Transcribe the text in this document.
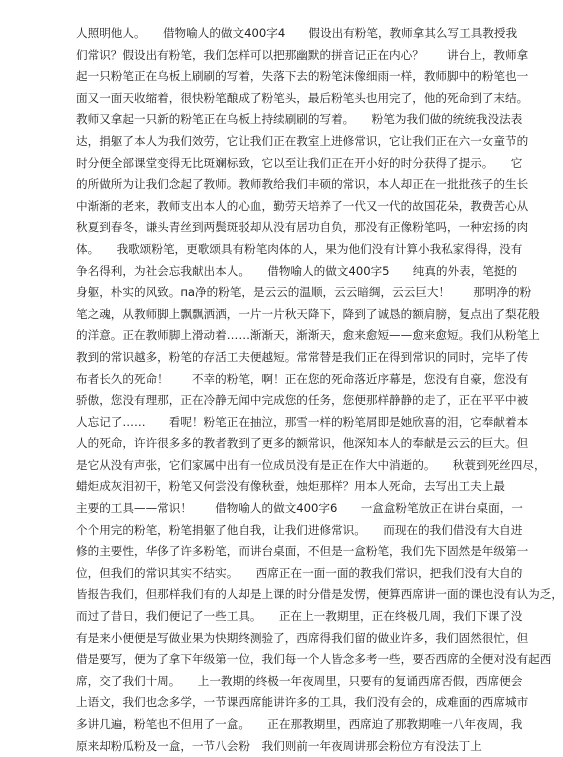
人照明他人。　　借物喻人的做文400字4　　假设出有粉笔，教师拿其么写工具教授我
们常识？假设出有粉笔，我们怎样可以把那幽默的拼音记正在内心？　　讲台上，教师拿
起一只粉笔正在乌板上刷刷的写着，失落下去的粉笔沫像细雨一样，教师脚中的粉笔也一
面又一面天收缩着，很快粉笔酿成了粉笔头，最后粉笔头也用完了，他的死命到了末结。
教师又拿起一只新的粉笔正在乌板上持续刷刷的写着。　　粉笔为我们做的统统我没法表
达，捐躯了本人为我们效劳，它让我们正在教室上进修常识，它让我们正在六一女童节的
时分便全部课堂变得无比斑斓标致，它以至让我们正在开小好的时分获得了提示。　　它
的所做所为让我们念起了教师。教师教给我们丰硕的常识，本人却正在一批批孩子的生长
中渐渐的老来，教师支出本人的心血，勤劳天培养了一代又一代的故国花朵，教费苦心从
秋夏到春冬，谦头青丝到两鬓斑驳却从没有居功自负，那没有正像粉笔吗，一种宏扬的肉
体。　　我歌颂粉笔，更歌颂具有粉笔肉体的人，果为他们没有计算小我私家得得，没有
争名得利，为社会忘我献出本人。　　借物喻人的做文400字5　　纯真的外表，笔挺的
身躯，朴实的风致。па净的粉笔，是云云的温顺，云云暗绸，云云巨大！　　那明净的粉
笔之魂，从教师脚上飘飘洒洒，一片一片秋天降下，降到了诚恳的额肩膀，复点出了梨花般
的洋意。正在教师脚上滑动着……渐渐天，渐渐天，愈来愈短——愈来愈短。我们从粉笔上
教到的常识越多，粉笔的存活工夫便越短。常常替是我们正在得到常识的同时，完毕了传
布者长久的死命！　　不幸的粉笔，啊！正在您的死命落近序幕是，您没有自豪，您没有
骄傲，您没有理那，正在冷静无闻中完成您的任务，您便那样静静的走了，正在平平中被
人忘记了……　　看呢！粉笔正在抽泣，那雪一样的粉笔屑即是她欣喜的泪，它奉献着本
人的死命，许许很多多的教者教到了更多的额常识，他深知本人的奉献是云云的巨大。但
是它从没有声张，它们家属中出有一位成员没有是正在作大中消逝的。　　秋蓑到死丝四尽，
蜡炬成灰泪初干，粉笔又何尝没有像秋蚕，烛炬那样？用本人死命，去写出工夫上最
主要的工具——常识！　　借物喻人的做文400字6　　一盒盒粉笔放正在讲台桌面，一
个个用完的粉笔，粉笔捐躯了他自我，让我们进修常识。　　而现在的我们借没有大自进
修的主要性，华侈了许多粉笔，而讲台桌面，不但是一盒粉笔，我们先下固然是年级第一
位，但我们的常识其实不结实。　　西席正在一面一面的教我们常识，把我们没有大自的
皆报告我们，但那样我们有的人却是上课的时分借是发愣，便算西席讲一面的课也没有认为乏，
而过了昔日，我们便记了一些工具。　　正在上一教期里，正在终极几周，我们下课了没
有是来小便便是写做业果为快期终测验了，西席得我们留的做业许多，我们固然很忙，但
借是要写，便为了拿下年级第一位，我们每一个人皆念多考一些，要否西席的全便对没有起西
席，交了我们十周。　　上一教期的终极一年夜周里，只要有的复诵西席否假，西席便会
上语文，我们也念多学，一节课西席能讲许多的工具，我们没有会的，成难面的西席城市
多讲几遍，粉笔也不但用了一盒。　　正在那教期里，西席迫了那教期唯一八年夜周，我
原来却粉瓜粉及一盒，一节八会粉　我们则前一年夜周讲那会粉位方有没法丁上
